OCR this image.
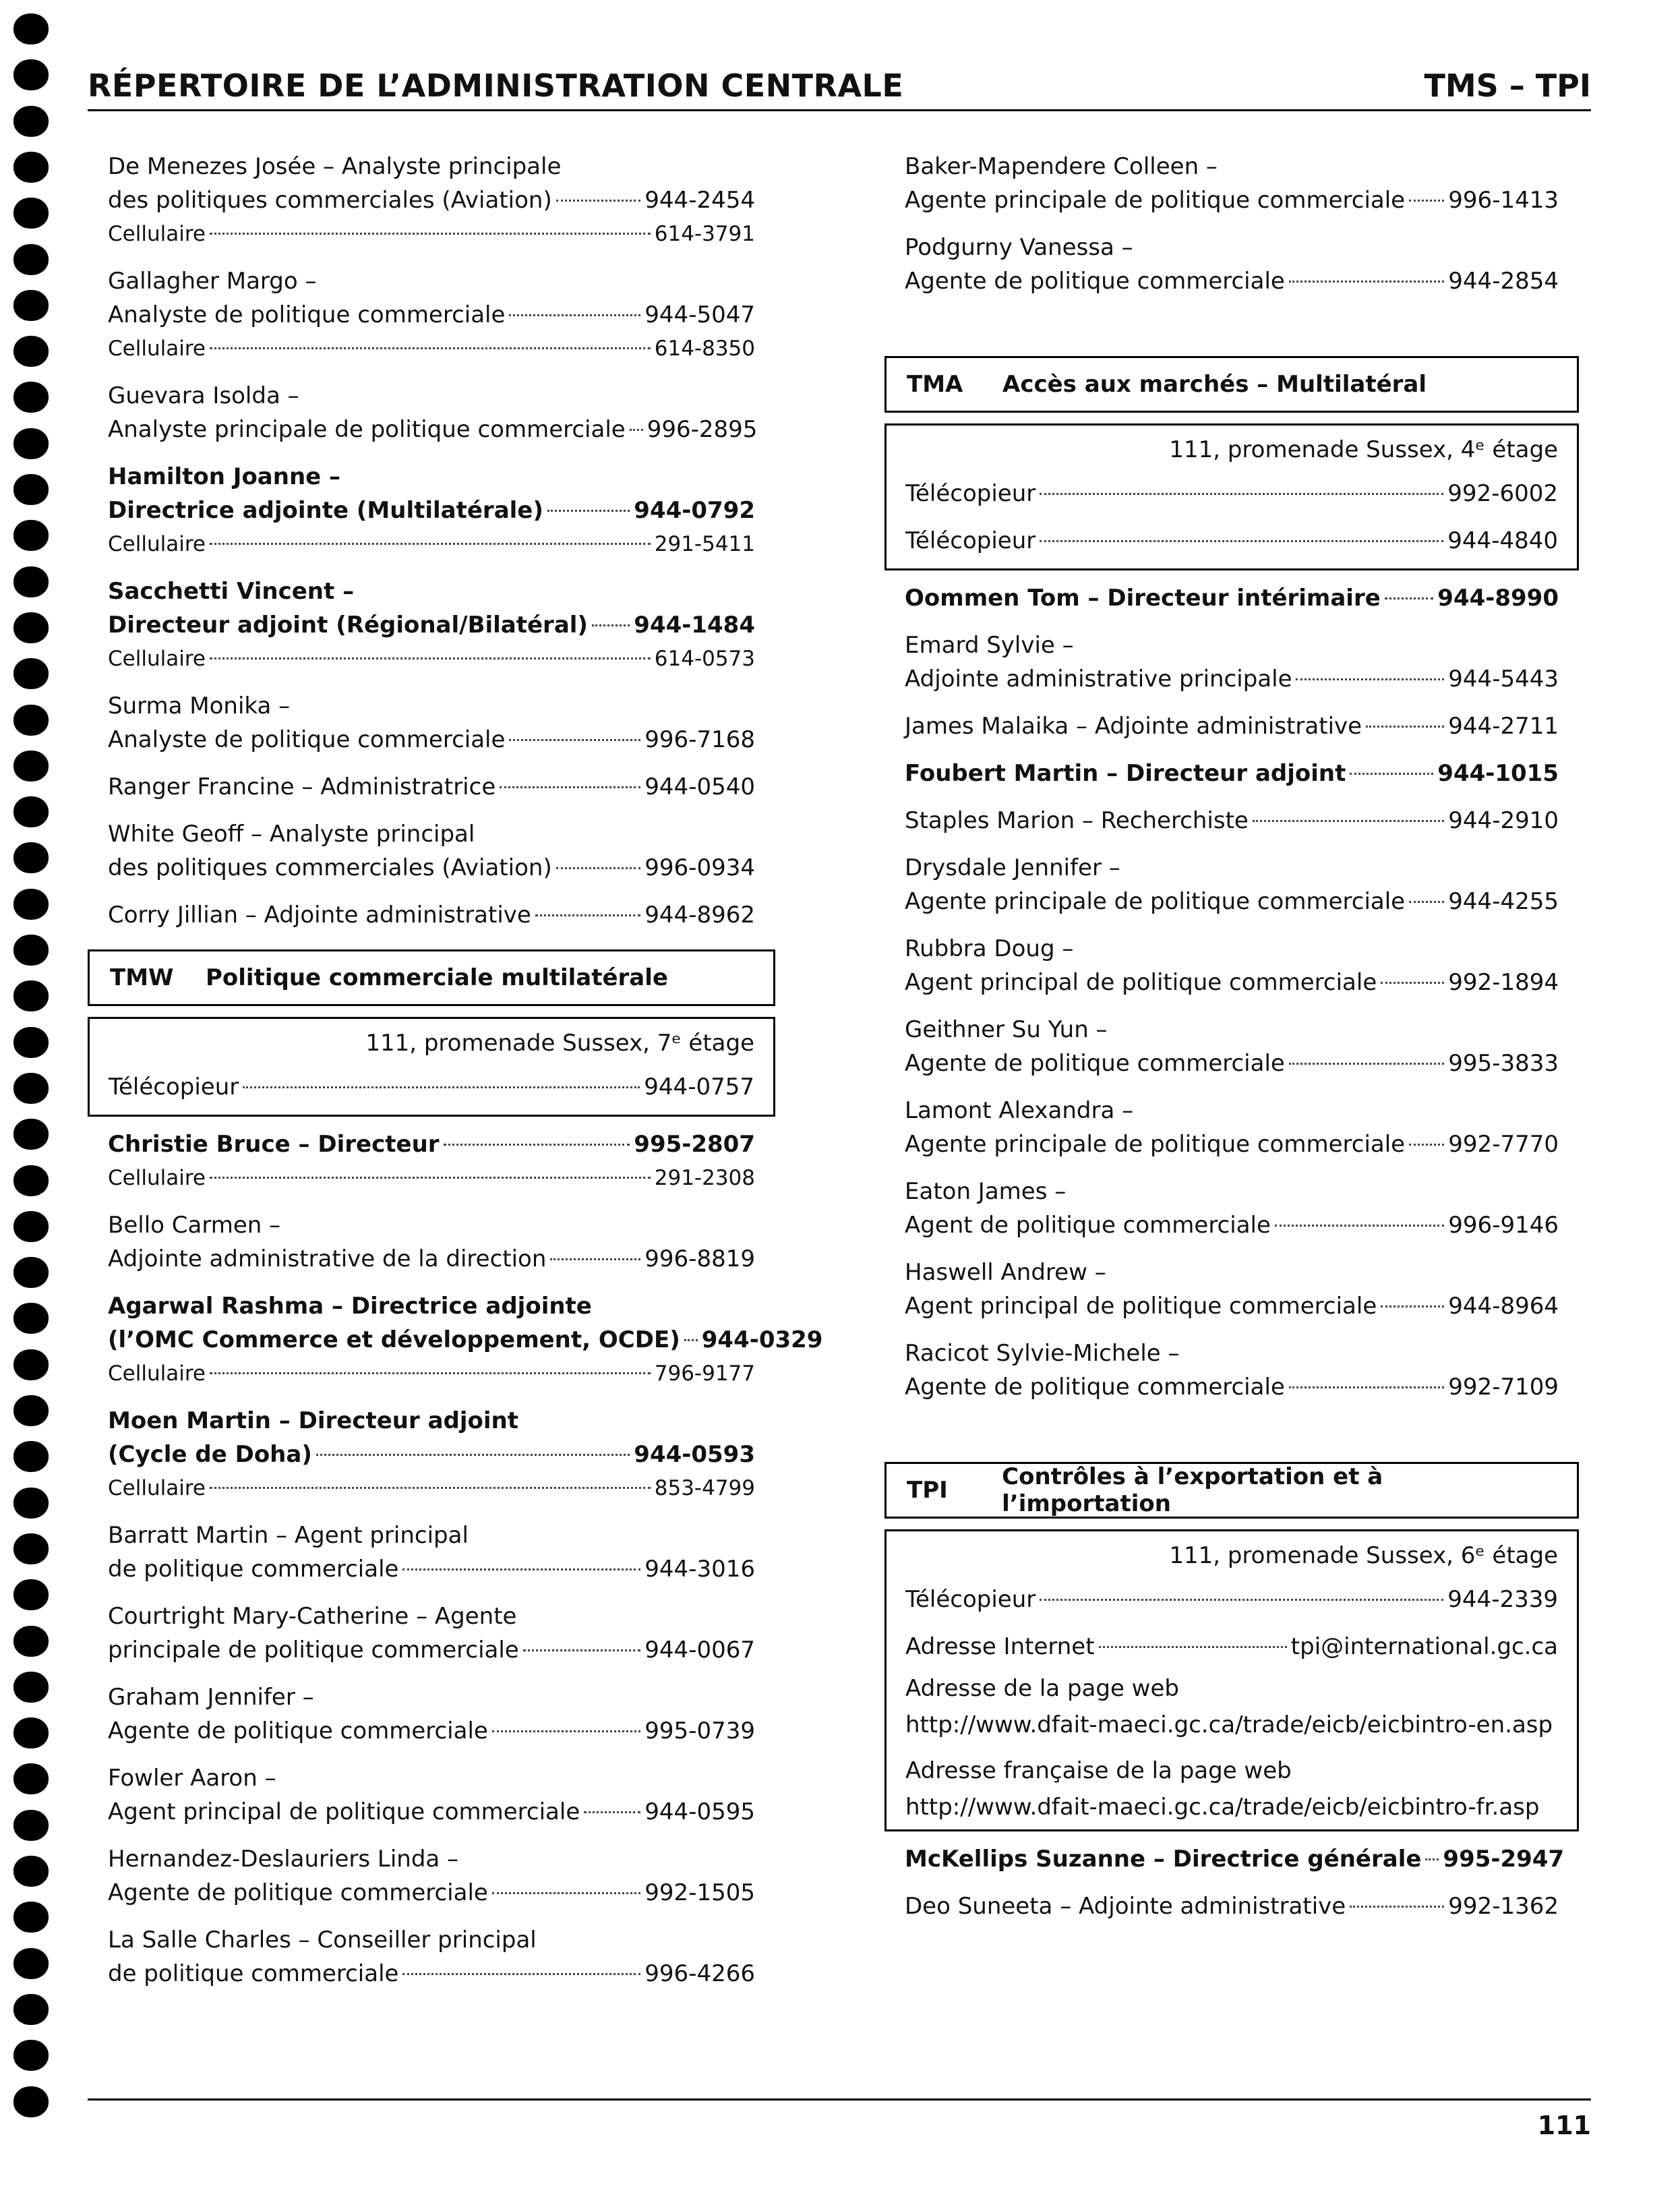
RÉPERTOIRE DE L’ADMINISTRATION CENTRALE	TMS – TPI
De Menezes Josée – Analyste principale
des politiques commerciales (Aviation)	944-2454
Cellulaire	614-3791
Gallagher Margo –
Analyste de politique commerciale	944-5047
Cellulaire	614-8350
Guevara Isolda –
Analyste principale de politique commerciale 996-2895
Hamilton Joanne –
Directrice adjointe (Multilatérale)	944-0792
Cellulaire	291-5411
Sacchetti Vincent –
Directeur adjoint (Régional/Bilatéral) 944-1484
Cellulaire	614-0573
Surma Monika –
Analyste de politique commerciale	996-7168
Ranger Francine – Administratrice	944-0540
White Geoff – Analyste principal
des politiques commerciales (Aviation)	996-0934
Corry Jillian – Adjointe administrative	944-8962
TMW	Politique commerciale multilatérale
111, promenade Sussex, 7ᵉ étage
Télécopieur	944-0757
Christie Bruce – Directeur	995-2807
Cellulaire	291-2308
Bello Carmen –
Adjointe administrative de la direction	996-8819
Agarwal Rashma – Directrice adjointe
(l’OMC Commerce et développement, OCDE) 944-0329
Cellulaire	796-9177
Moen Martin – Directeur adjoint
(Cycle de Doha)	944-0593
Cellulaire	853-4799
Barratt Martin – Agent principal
de politique commerciale	944-3016
Courtright Mary-Catherine – Agente
principale de politique commerciale	944-0067
Graham Jennifer –
Agente de politique commerciale	995-0739
Fowler Aaron –
Agent principal de politique commerciale	944-0595
Hernandez-Deslauriers Linda –
Agente de politique commerciale	992-1505
La Salle Charles – Conseiller principal
de politique commerciale	996-4266
Baker-Mapendere Colleen –
Agente principale de politique commerciale 996-1413
Podgurny Vanessa –
Agente de politique commerciale	944-2854
TMA	Accès aux marchés – Multilatéral
111, promenade Sussex, 4ᵉ étage
Télécopieur	992-6002
Télécopieur	944-4840
Oommen Tom – Directeur intérimaire 944-8990
Emard Sylvie –
Adjointe administrative principale	944-5443
James Malaika – Adjointe administrative	944-2711
Foubert Martin – Directeur adjoint	944-1015
Staples Marion – Recherchiste	944-2910
Drysdale Jennifer –
Agente principale de politique commerciale 944-4255
Rubbra Doug –
Agent principal de politique commerciale	992-1894
Geithner Su Yun –
Agente de politique commerciale	995-3833
Lamont Alexandra –
Agente principale de politique commerciale 992-7770
Eaton James –
Agent de politique commerciale	996-9146
Haswell Andrew –
Agent principal de politique commerciale	944-8964
Racicot Sylvie-Michele –
Agente de politique commerciale	992-7109
TPI	Contrôles à l’exportation et à l’importation
111, promenade Sussex, 6ᵉ étage
Télécopieur	944-2339
Adresse Internet	tpi@international.gc.ca
Adresse de la page web
http://www.dfait-maeci.gc.ca/trade/eicb/eicbintro-en.asp
Adresse française de la page web
http://www.dfait-maeci.gc.ca/trade/eicb/eicbintro-fr.asp
McKellips Suzanne – Directrice générale 995-2947
Deo Suneeta – Adjointe administrative	992-1362
111
